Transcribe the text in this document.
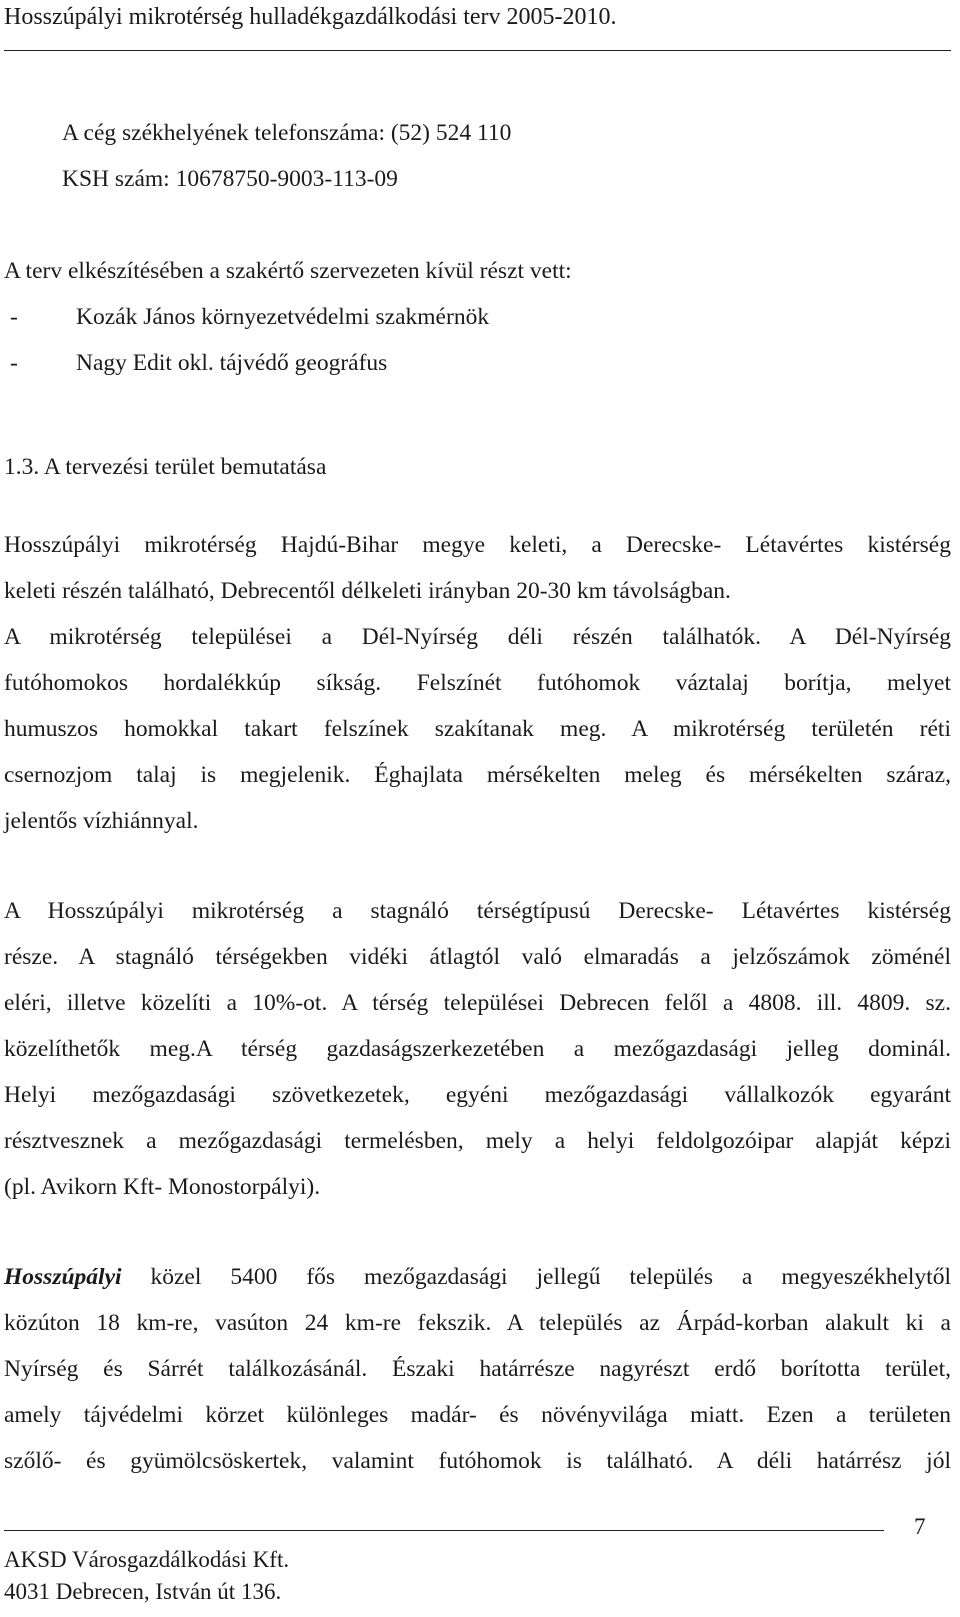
Hosszúpályi mikrotérség hulladékgazdálkodási terv 2005-2010.
A cég székhelyének telefonszáma: (52) 524 110
KSH szám: 10678750-9003-113-09
A terv elkészítésében a szakértő szervezeten kívül részt vett:
- Kozák János környezetvédelmi szakmérnök
- Nagy Edit okl. tájvédő geográfus
1.3. A tervezési terület bemutatása
Hosszúpályi mikrotérség Hajdú-Bihar megye keleti, a Derecske- Létavértes kistérség
keleti részén található, Debrecentől délkeleti irányban 20-30 km távolságban.
A mikrotérség települései a Dél-Nyírség déli részén találhatók. A Dél-Nyírség
futóhomokos hordalékkúp síkság. Felszínét futóhomok váztalaj borítja, melyet
humuszos homokkal takart felszínek szakítanak meg. A mikrotérség területén réti
csernozjom talaj is megjelenik. Éghajlata mérsékelten meleg és mérsékelten száraz,
jelentős vízhiánnyal.
A Hosszúpályi mikrotérség a stagnáló térségtípusú Derecske- Létavértes kistérség
része. A stagnáló térségekben vidéki átlagtól való elmaradás a jelzőszámok zöménél
eléri, illetve közelíti a 10%-ot. A térség települései Debrecen felől a 4808. ill. 4809. sz.
közelíthetők meg.A térség gazdaságszerkezetében a mezőgazdasági jelleg dominál.
Helyi mezőgazdasági szövetkezetek, egyéni mezőgazdasági vállalkozók egyaránt
résztvesznek a mezőgazdasági termelésben, mely a helyi feldolgozóipar alapját képzi
(pl. Avikorn Kft- Monostorpályi).
Hosszúpályi közel 5400 fős mezőgazdasági jellegű település a megyeszékhelytől
közúton 18 km-re, vasúton 24 km-re fekszik. A település az Árpád-korban alakult ki a
Nyírség és Sárrét találkozásánál. Északi határrésze nagyrészt erdő borította terület,
amely tájvédelmi körzet különleges madár- és növényvilága miatt. Ezen a területen
szőlő- és gyümölcsöskertek, valamint futóhomok is található. A déli határrész jól
7
AKSD Városgazdálkodási Kft.
4031 Debrecen, István út 136.
